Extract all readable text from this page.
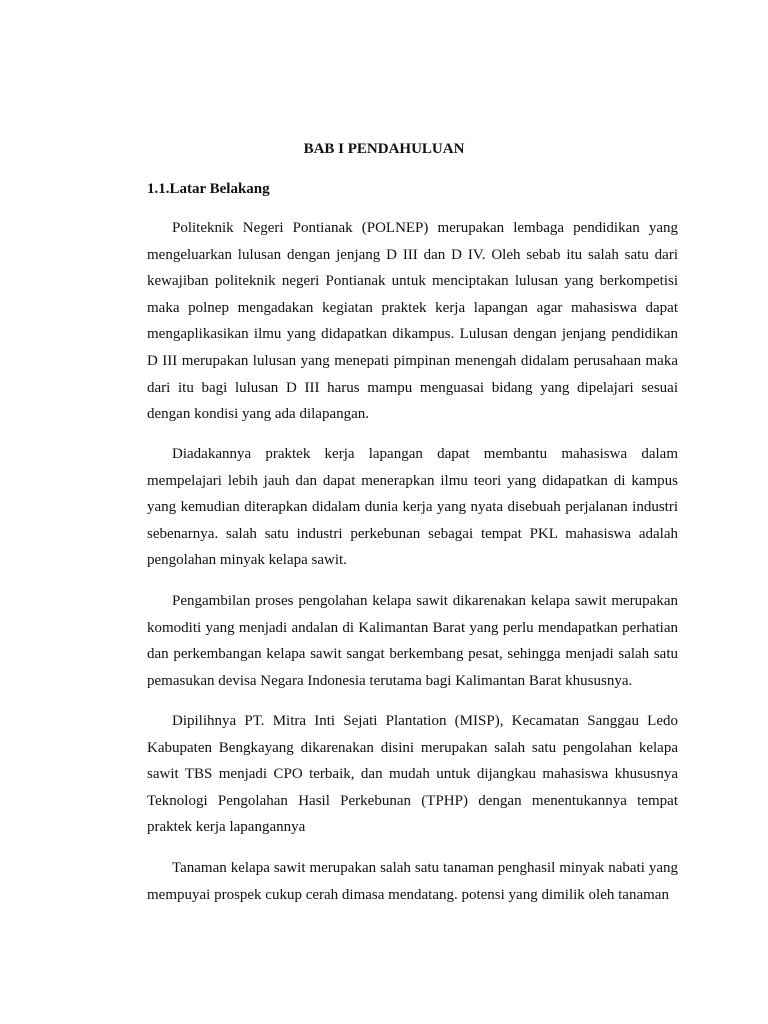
BAB I PENDAHULUAN
1.1.Latar Belakang

Politeknik Negeri Pontianak (POLNEP) merupakan lembaga pendidikan yang mengeluarkan lulusan dengan jenjang D III dan D IV. Oleh sebab itu salah satu dari kewajiban politeknik negeri Pontianak untuk menciptakan lulusan yang berkompetisi maka polnep mengadakan kegiatan praktek kerja lapangan agar mahasiswa dapat mengaplikasikan ilmu yang didapatkan dikampus. Lulusan dengan jenjang pendidikan D III merupakan lulusan yang menepati pimpinan menengah didalam perusahaan maka dari itu bagi lulusan D III harus mampu menguasai bidang yang dipelajari sesuai dengan kondisi yang ada dilapangan.

Diadakannya praktek kerja lapangan dapat membantu mahasiswa dalam mempelajari lebih jauh dan dapat menerapkan ilmu teori yang didapatkan di kampus yang kemudian diterapkan didalam dunia kerja yang nyata disebuah perjalanan industri sebenarnya. salah satu industri perkebunan sebagai tempat PKL mahasiswa adalah pengolahan minyak kelapa sawit.

Pengambilan proses pengolahan kelapa sawit dikarenakan kelapa sawit merupakan komoditi yang menjadi andalan di Kalimantan Barat yang perlu mendapatkan perhatian dan perkembangan kelapa sawit sangat berkembang pesat, sehingga menjadi salah satu pemasukan devisa Negara Indonesia terutama bagi Kalimantan Barat khususnya.

Dipilihnya PT. Mitra Inti Sejati Plantation (MISP), Kecamatan Sanggau Ledo Kabupaten Bengkayang dikarenakan disini merupakan salah satu pengolahan kelapa sawit TBS menjadi CPO terbaik, dan mudah untuk dijangkau mahasiswa khususnya Teknologi Pengolahan Hasil Perkebunan (TPHP) dengan menentukannya tempat praktek kerja lapangannya

Tanaman kelapa sawit merupakan salah satu tanaman penghasil minyak nabati yang mempuyai prospek cukup cerah dimasa mendatang. potensi yang dimilik oleh tanaman
